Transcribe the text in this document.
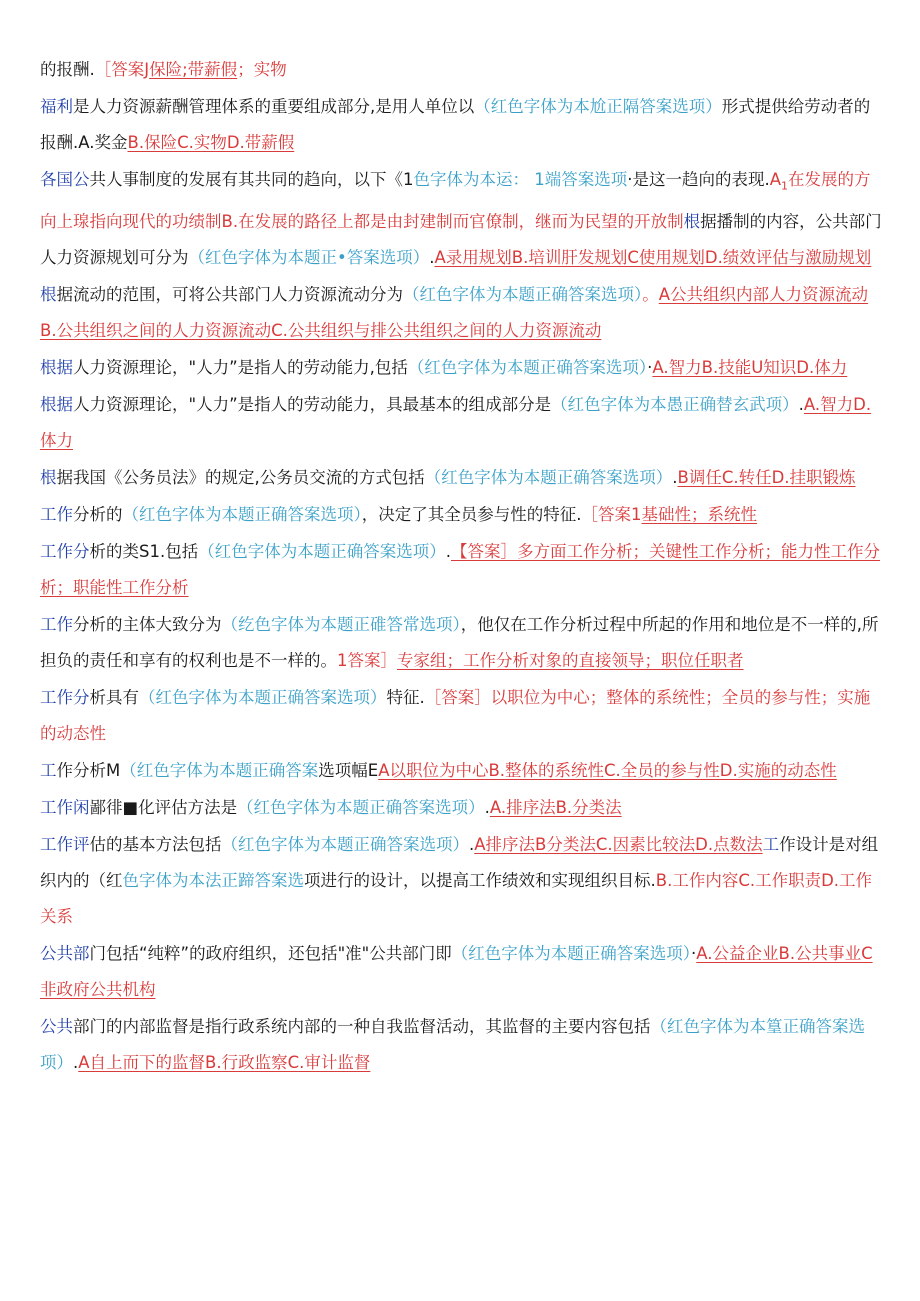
的报酬.［答案J保险;带薪假；实物

福利是人力资源薪酬管理体系的重要组成部分,是用人单位以（红色字体为本尬正隔答案选项）形式提供给劳动者的报酬.A.奖金B.保险C.实物D.带薪假

各国公共人事制度的发展有其共同的趋向，以下《1色字体为本运： 1端答案选项·是这一趋向的表现$.A_1$在发展的方向上瑔指向现代的功绩制B.在发展的路径上都是由封建制而官僚制，继而为民望的开放制根据播制的内容，公共部门人力资源规划可分为（红色字体为本题正•答案选项）.A录用规划B.培训肝发规划C使用规划D.绩效评估与激励规划

根据流动的范围，可将公共部门人力资源流动分为（红色字体为本题正确答案选项）。A公共组织内部人力资源流动B.公共组织之间的人力资源流动C.公共组织与排公共组织之间的人力资源流动

根据人力资源理论，"人力”是指人的劳动能力,包括（红色字体为本题正确答案选项）·A.智力B.技能U知识D.体力

根据人力资源理论，"人力”是指人的劳动能力，具最基本的组成部分是（红色字体为本愚正确替玄武项）.A.智力D.体力

根据我国《公务员法》的规定,公务员交流的方式包括（红色字体为本题正确答案选项）.B调任C.转任D.挂职锻炼

工作分析的（红色字体为本题正确答案选项），决定了其全员参与性的特征.［答案1基础性；系统性

工作分析的类S1.包括（红色字体为本题正确答案选项）.【答案］多方面工作分析；关键性工作分析；能力性工作分析；职能性工作分析

工作分析的主体大致分为（纥色字体为本题正碓答常选项），他仅在工作分析过程中所起的作用和地位是不一样的,所担负的责任和享有的权利也是不一样的。1答案］专家组；工作分析对象的直接领导；职位任职者

工作分析具有（红色字体为本题正确答案选项）特征.［答案］以职位为中心；整体的系统性；全员的参与性；实施的动态性

工作分析M（红色字体为本题正确答案选项幅EA以职位为中心B.整体的系统性C.全员的参与性D.实施的动态性

工作闲鄙徘■化评估方法是（红色字体为本题正确答案选项）.A.排序法B.分类法

工作评估的基本方法包括（红色字体为本题正确答案选项）.A排序法B分类法C.因素比较法D.点数法工作设计是对组织内的（红色字体为本法正蹄答案选项进行的设计，以提高工作绩效和实现组织目标.B.工作内容C.工作职责D.工作关系

公共部门包括“纯粹”的政府组织，还包括"准"公共部门即（红色字体为本题正确答案选项）·A.公益企业B.公共事业C非政府公共机构

公共部门的内部监督是指行政系统内部的一种自我监督活动，其监督的主要内容包括（红色字体为本篁正确答案选项）.A自上而下的监督B.行政监察C.审计监督
